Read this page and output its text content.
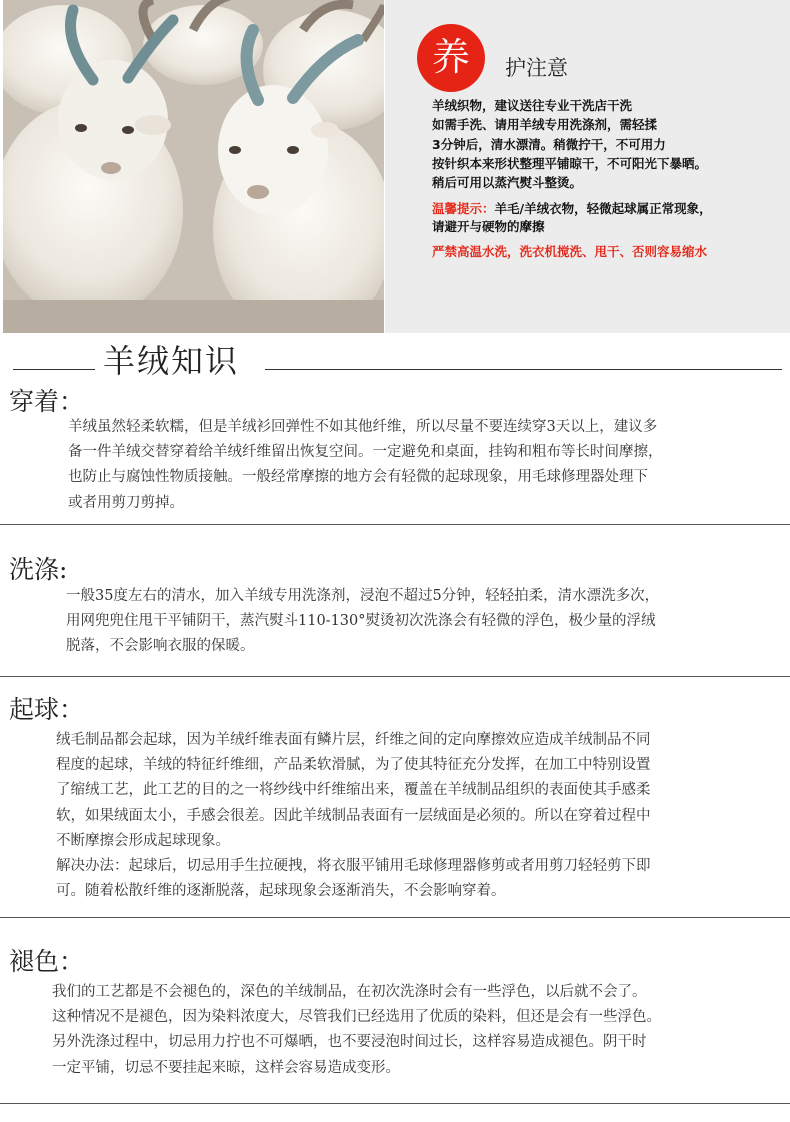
养	护注意
羊绒织物，建议送往专业干洗店干洗
如需手洗、请用羊绒专用洗涤剂，需轻揉
3分钟后，清水漂清。稍微拧干，不可用力
按针织本来形状整理平铺晾干，不可阳光下暴晒。
稍后可用以蒸汽熨斗整烫。
温馨提示：羊毛/羊绒衣物，轻微起球属正常现象，
请避开与硬物的摩擦
严禁高温水洗，洗衣机搅洗、甩干、否则容易缩水
羊绒知识
穿着：
羊绒虽然轻柔软糯，但是羊绒衫回弹性不如其他纤维，所以尽量不要连续穿3天以上，建议多
备一件羊绒交替穿着给羊绒纤维留出恢复空间。一定避免和桌面，挂钩和粗布等长时间摩擦，
也防止与腐蚀性物质接触。一般经常摩擦的地方会有轻微的起球现象，用毛球修理器处理下
或者用剪刀剪掉。
洗涤:
一般35度左右的清水，加入羊绒专用洗涤剂，浸泡不超过5分钟，轻轻拍柔，清水漂洗多次，
用网兜兜住甩干平铺阴干，蒸汽熨斗110-130°熨烫初次洗涤会有轻微的浮色，极少量的浮绒
脱落，不会影响衣服的保暖。
起球：
绒毛制品都会起球，因为羊绒纤维表面有鳞片层，纤维之间的定向摩擦效应造成羊绒制品不同
程度的起球，羊绒的特征纤维细，产品柔软滑腻，为了使其特征充分发挥，在加工中特别设置
了缩绒工艺，此工艺的目的之一将纱线中纤维缩出来，覆盖在羊绒制品组织的表面使其手感柔
软，如果绒面太小，手感会很差。因此羊绒制品表面有一层绒面是必须的。所以在穿着过程中
不断摩擦会形成起球现象。
解决办法：起球后，切忌用手生拉硬拽，将衣服平铺用毛球修理器修剪或者用剪刀轻轻剪下即
可。随着松散纤维的逐渐脱落，起球现象会逐渐消失，不会影响穿着。
褪色：
我们的工艺都是不会褪色的，深色的羊绒制品，在初次洗涤时会有一些浮色，以后就不会了。
这种情况不是褪色，因为染料浓度大，尽管我们已经选用了优质的染料，但还是会有一些浮色。
另外洗涤过程中，切忌用力拧也不可爆晒，也不要浸泡时间过长，这样容易造成褪色。阴干时
一定平铺，切忌不要挂起来晾，这样会容易造成变形。
